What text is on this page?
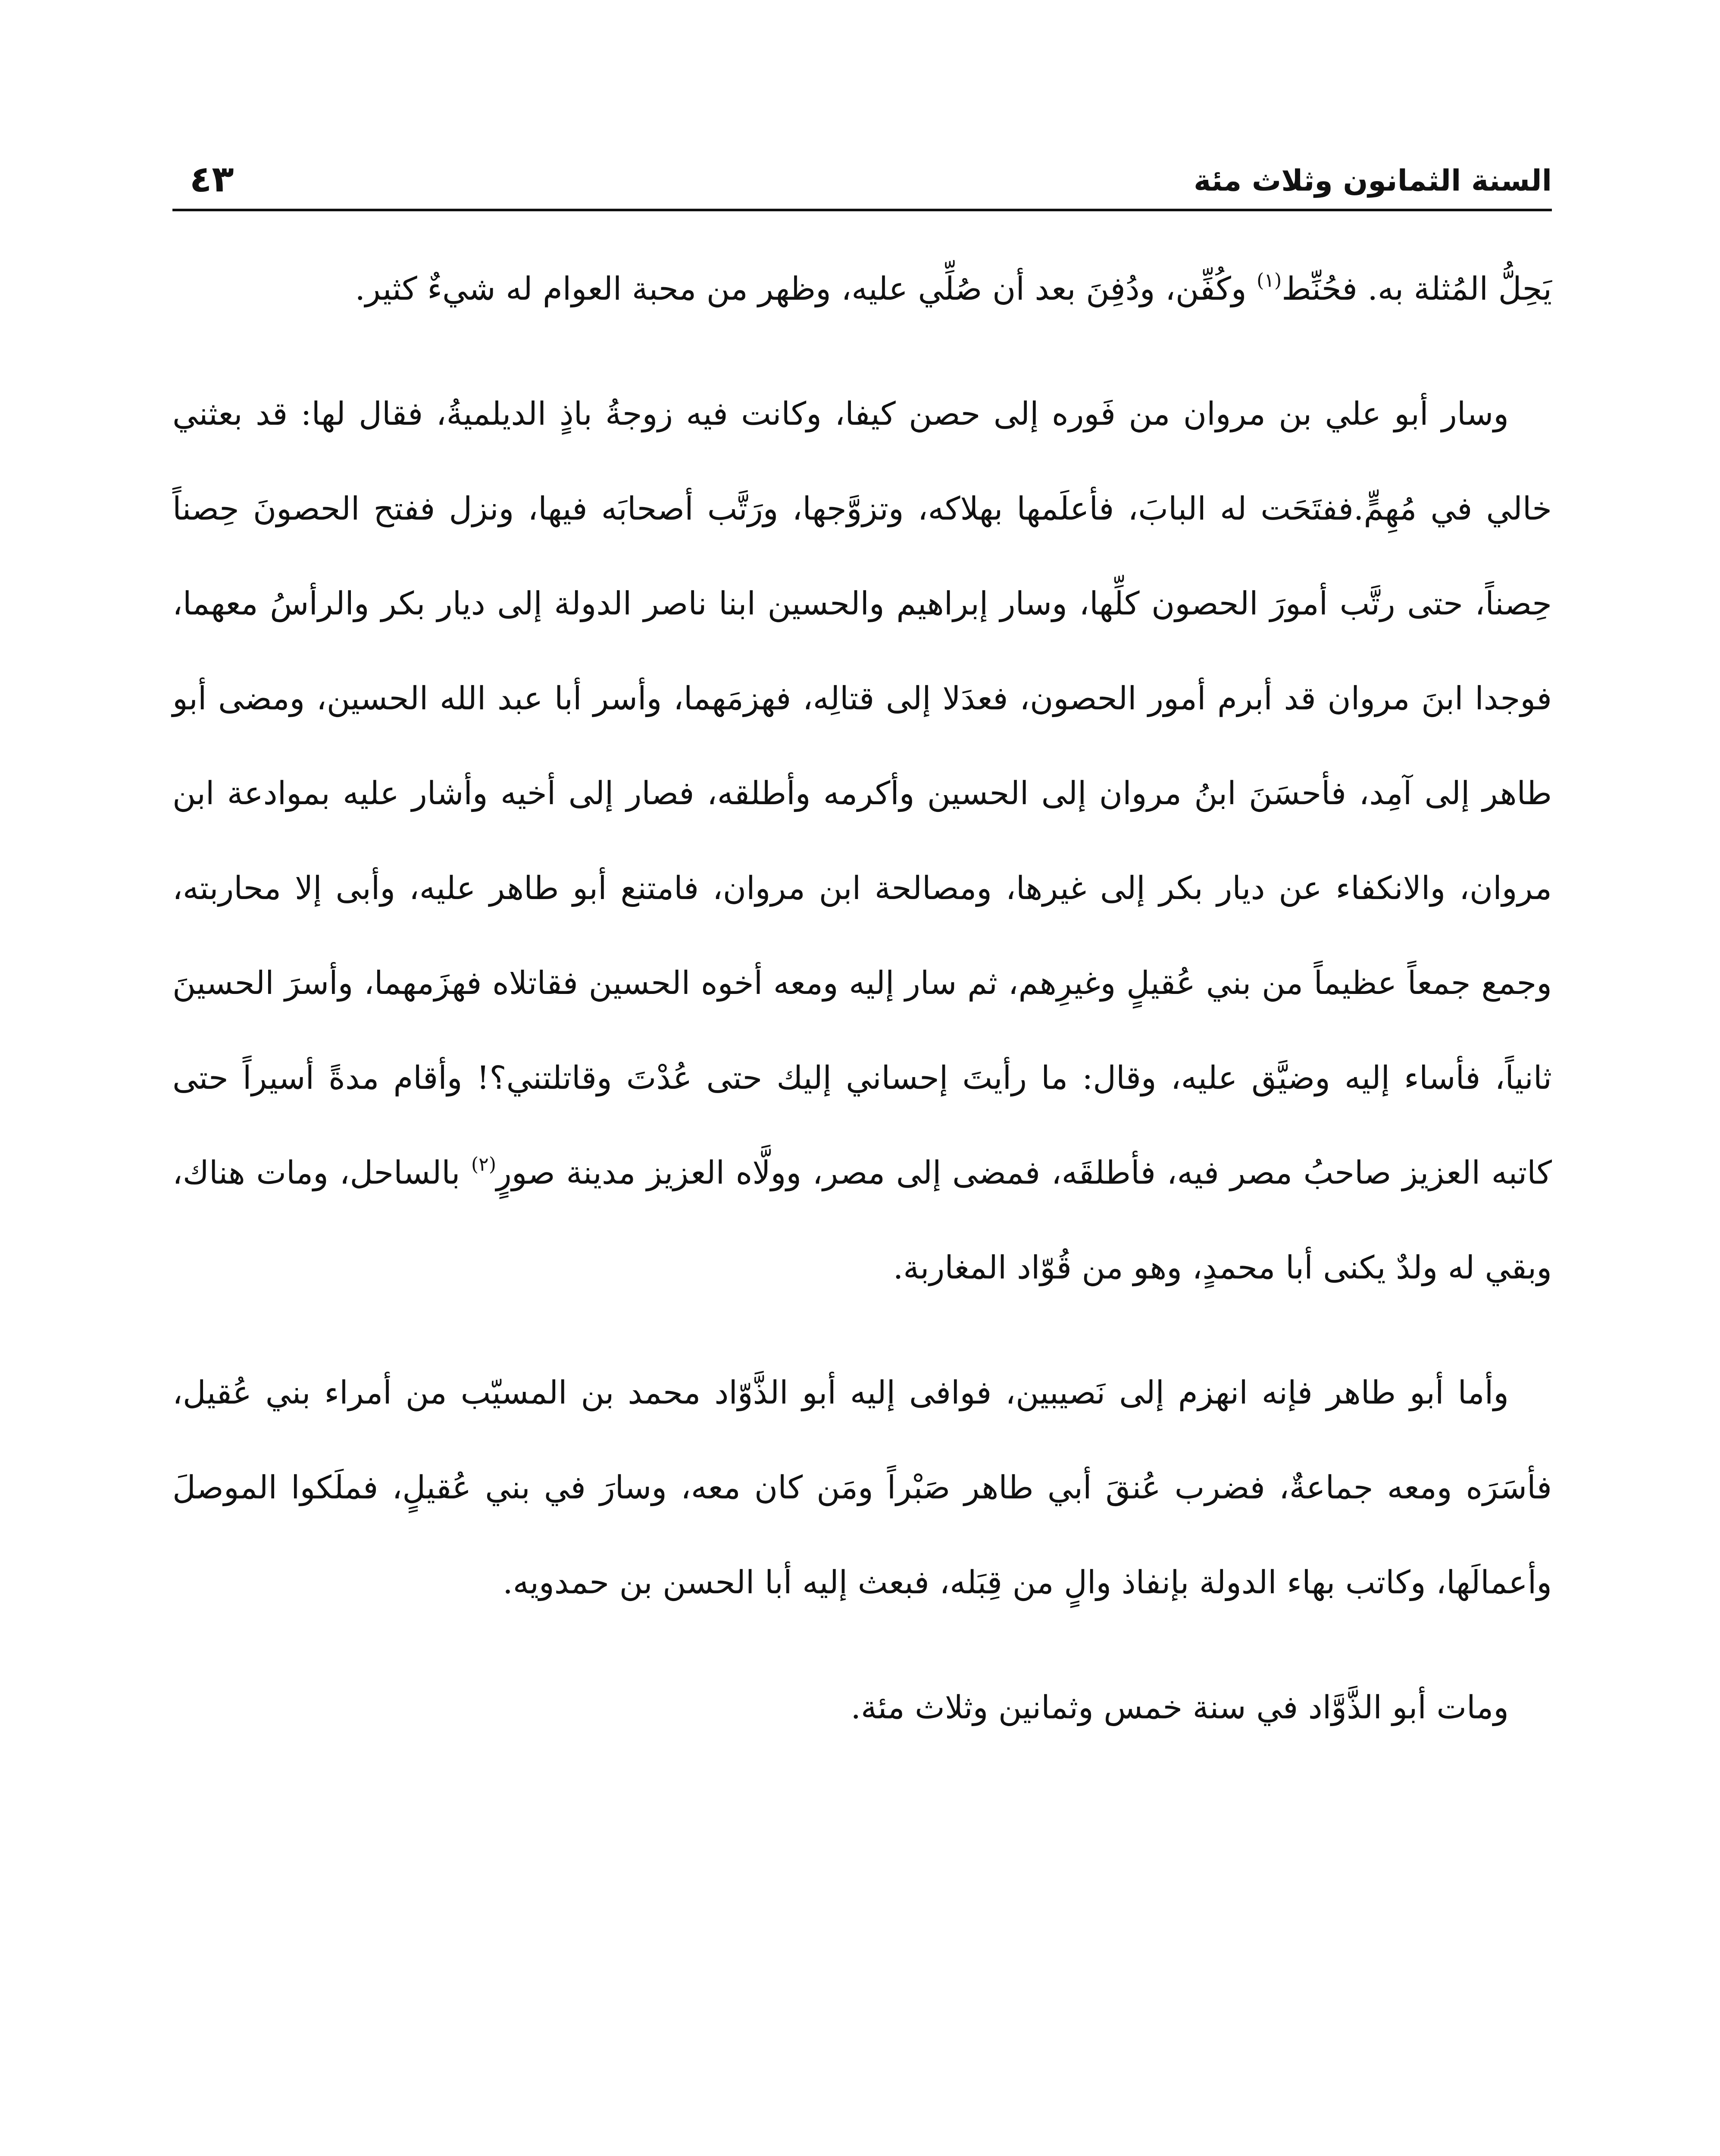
السنة الثمانون وثلاث مئة
٤٣

يَحِلُّ المُثلة به. فحُنِّط$^{(١)}$ وكُفِّن، ودُفِنَ بعد أن صُلِّي عليه، وظهر من محبة العوام له شيءٌ كثير.

وسار أبو علي بن مروان من فَوره إلى حصن كيفا، وكانت فيه زوجةُ باذٍ الديلميةُ، فقال لها: قد بعثني خالي في مُهِمٍّ.ففتَحَت له البابَ، فأعلَمها بهلاكه، وتزوَّجها، ورَتَّب أصحابَه فيها، ونزل ففتح الحصونَ حِصناً حِصناً، حتى رتَّب أمورَ الحصون كلِّها، وسار إبراهيم والحسين ابنا ناصر الدولة إلى ديار بكر والرأسُ معهما، فوجدا ابنَ مروان قد أبرم أمور الحصون، فعدَلا إلى قتالِه، فهزمَهما، وأسر أبا عبد الله الحسين، ومضى أبو طاهر إلى آمِد، فأحسَنَ ابنُ مروان إلى الحسين وأكرمه وأطلقه، فصار إلى أخيه وأشار عليه بموادعة ابن مروان، والانكفاء عن ديار بكر إلى غيرها، ومصالحة ابن مروان، فامتنع أبو طاهر عليه، وأبى إلا محاربته، وجمع جمعاً عظيماً من بني عُقيلٍ وغيرِهم، ثم سار إليه ومعه أخوه الحسين فقاتلاه فهزَمهما، وأسرَ الحسينَ ثانياً، فأساء إليه وضيَّق عليه، وقال: ما رأيتَ إحساني إليك حتى عُدْتَ وقاتلتني؟! وأقام مدةً أسيراً حتى كاتبه العزيز صاحبُ مصر فيه، فأطلقَه، فمضى إلى مصر، وولَّاه العزيز مدينة صورٍ$^{(٢)}$ بالساحل، ومات هناك، وبقي له ولدٌ يكنى أبا محمدٍ، وهو من قُوّاد المغاربة.

وأما أبو طاهر فإنه انهزم إلى نَصيبين، فوافى إليه أبو الذَّوّاد محمد بن المسيّب من أمراء بني عُقيل، فأسَرَه ومعه جماعةٌ، فضرب عُنقَ أبي طاهر صَبْراً ومَن كان معه، وسارَ في بني عُقيلٍ، فملَكوا الموصلَ وأعمالَها، وكاتب بهاء الدولة بإنفاذ والٍ من قِبَله، فبعث إليه أبا الحسن بن حمدويه.

ومات أبو الذَّوَّاد في سنة خمس وثمانين وثلاث مئة.
